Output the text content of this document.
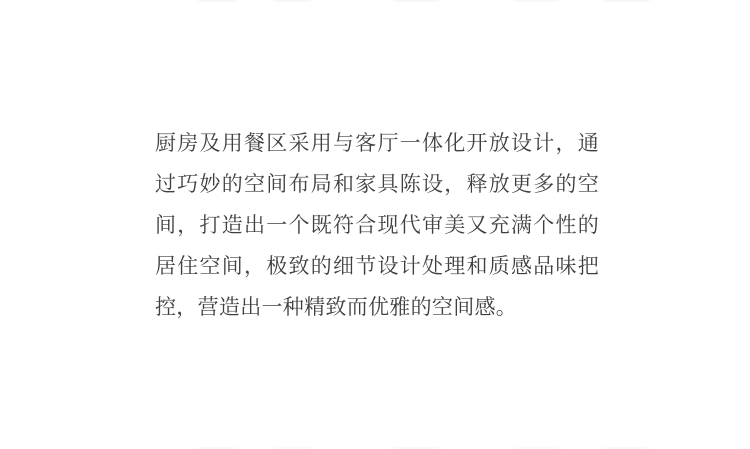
厨房及用餐区采用与客厅一体化开放设计，通
过巧妙的空间布局和家具陈设，释放更多的空
间，打造出一个既符合现代审美又充满个性的
居住空间，极致的细节设计处理和质感品味把
控，营造出一种精致而优雅的空间感。
